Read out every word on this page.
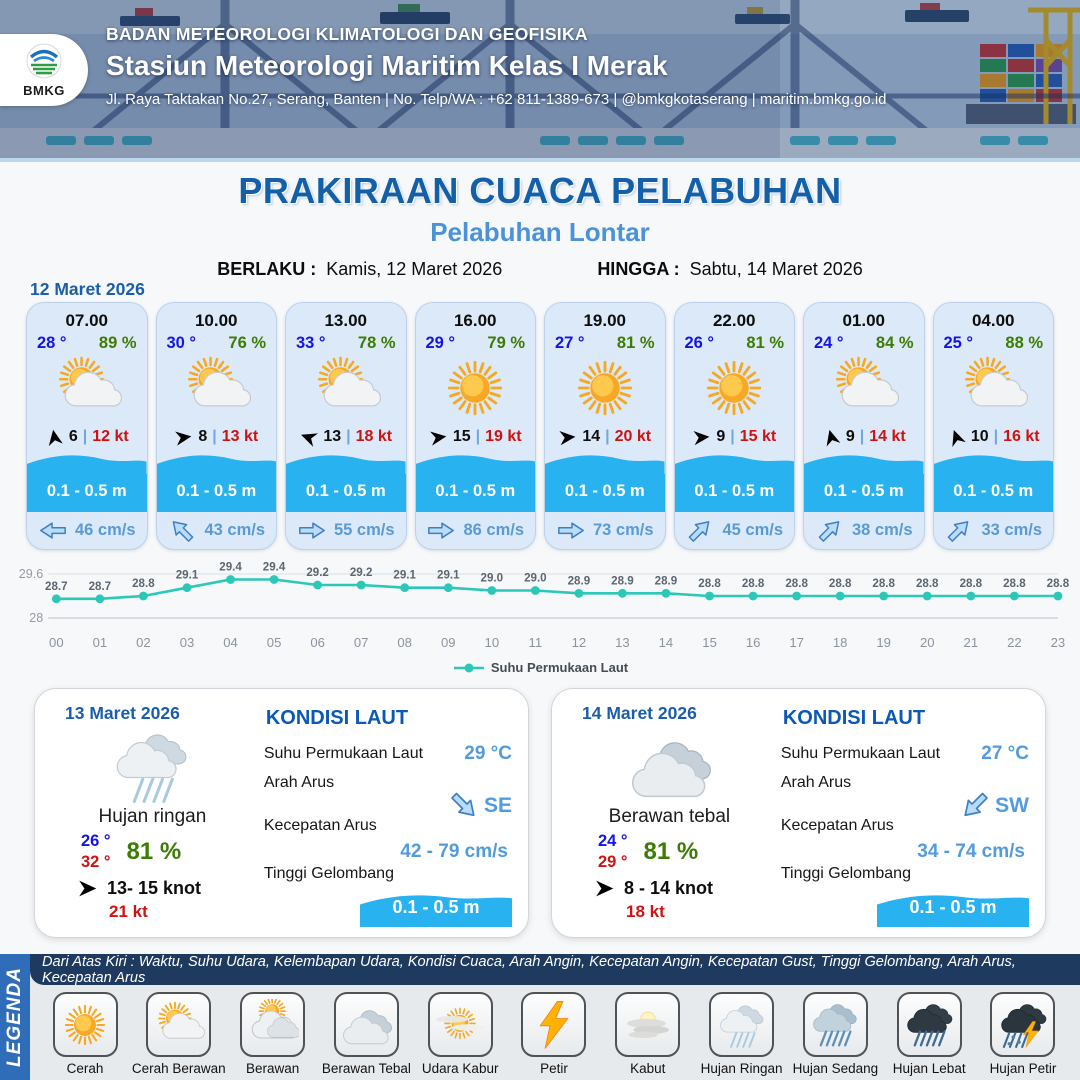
BMKG
BADAN METEOROLOGI KLIMATOLOGI DAN GEOFISIKA
Stasiun Meteorologi Maritim Kelas I Merak
Jl. Raya Taktakan No.27, Serang, Banten | No. Telp/WA : +62 811-1389-673 | @bmkgkotaserang | maritim.bmkg.go.id
PRAKIRAAN CUACA PELABUHAN
Pelabuhan Lontar
BERLAKU : Kamis, 12 Maret 2026	HINGGA : Sabtu, 14 Maret 2026
12 Maret 2026
07.00
28 ° 89 %
6 | 12 kt
0.1 - 0.5 m
46 cm/s
10.00
30 ° 76 %
8 | 13 kt
0.1 - 0.5 m
43 cm/s
13.00
33 ° 78 %
13 | 18 kt
0.1 - 0.5 m
55 cm/s
16.00
29 ° 79 %
15 | 19 kt
0.1 - 0.5 m
86 cm/s
19.00
27 ° 81 %
14 | 20 kt
0.1 - 0.5 m
73 cm/s
22.00
26 ° 81 %
9 | 15 kt
0.1 - 0.5 m
45 cm/s
01.00
24 ° 84 %
9 | 14 kt
0.1 - 0.5 m
38 cm/s
04.00
25 ° 88 %
10 | 16 kt
0.1 - 0.5 m
33 cm/s
29.6
28
28.7
00
28.7
01
28.8
02
29.1
03
29.4
04
29.4
05
29.2
06
29.2
07
29.1
08
29.1
09
29.0
10
29.0
11
28.9
12
28.9
13
28.9
14
28.8
15
28.8
16
28.8
17
28.8
18
28.8
19
28.8
20
28.8
21
28.8
22
28.8
23
Suhu Permukaan Laut
13 Maret 2026
Hujan ringan
26 °
32 ° 81 %
13- 15 knot
21 kt
KONDISI LAUT
Suhu Permukaan Laut 29 °C
Arah Arus
SE
Kecepatan Arus
42 - 79 cm/s
Tinggi Gelombang
0.1 - 0.5 m
14 Maret 2026
Berawan tebal
24 °
29 ° 81 %
8 - 14 knot
18 kt
KONDISI LAUT
Suhu Permukaan Laut 27 °C
Arah Arus
SW
Kecepatan Arus
34 - 74 cm/s
Tinggi Gelombang
0.1 - 0.5 m
LEGENDA
Dari Atas Kiri : Waktu, Suhu Udara, Kelembapan Udara, Kondisi Cuaca, Arah Angin, Kecepatan Angin, Kecepatan Gust, Tinggi Gelombang, Arah Arus, Kecepatan Arus
Cerah Cerah Berawan Berawan Berawan Tebal Udara Kabur	Petir	Kabut	Hujan Ringan Hujan Sedang Hujan Lebat Hujan Petir
